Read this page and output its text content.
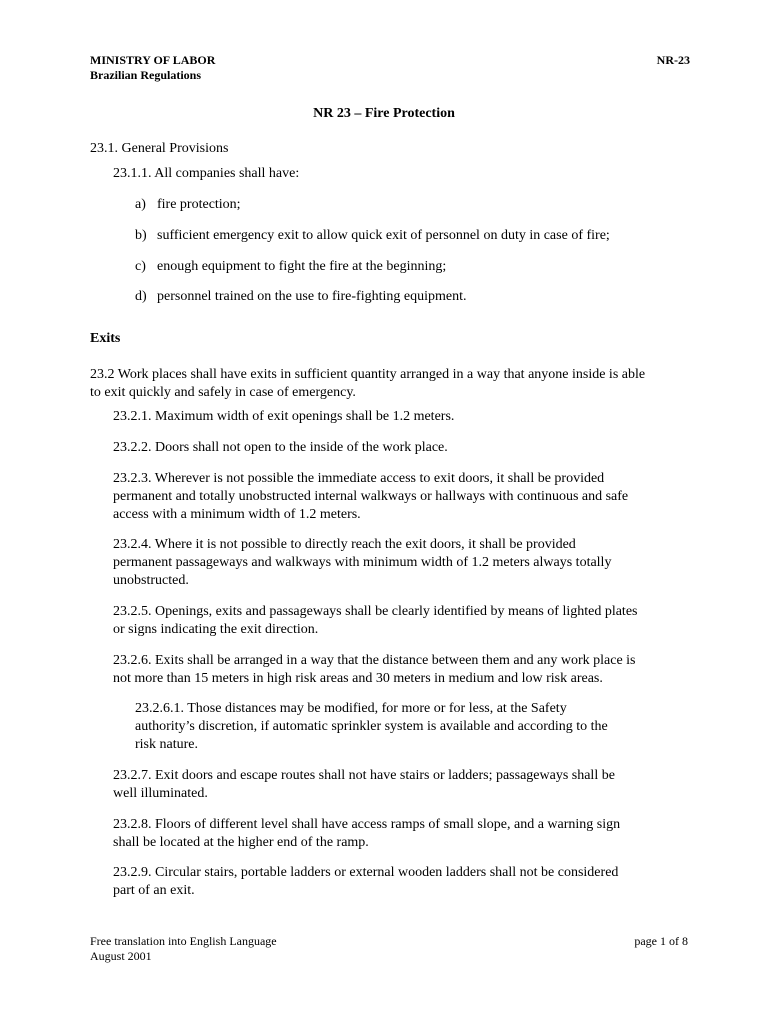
MINISTRY OF LABOR

Brazilian Regulations

NR-23

NR 23 – Fire Protection

23.1. General Provisions

23.1.1. All companies shall have:

a) fire protection;

b) sufficient emergency exit to allow quick exit of personnel on duty in case of fire;

c) enough equipment to fight the fire at the beginning;

d) personnel trained on the use to fire-fighting equipment.

Exits

23.2 Work places shall have exits in sufficient quantity arranged in a way that anyone inside is able

to exit quickly and safely in case of emergency.

23.2.1. Maximum width of exit openings shall be 1.2 meters.

23.2.2. Doors shall not open to the inside of the work place.

23.2.3. Wherever is not possible the immediate access to exit doors, it shall be provided

permanent and totally unobstructed internal walkways or hallways with continuous and safe

access with a minimum width of 1.2 meters.

23.2.4. Where it is not possible to directly reach the exit doors, it shall be provided

permanent passageways and walkways with minimum width of 1.2 meters always totally

unobstructed.

23.2.5. Openings, exits and passageways shall be clearly identified by means of lighted plates

or signs indicating the exit direction.

23.2.6. Exits shall be arranged in a way that the distance between them and any work place is

not more than 15 meters in high risk areas and 30 meters in medium and low risk areas.

23.2.6.1. Those distances may be modified, for more or for less, at the Safety

authority’s discretion, if automatic sprinkler system is available and according to the

risk nature.

23.2.7. Exit doors and escape routes shall not have stairs or ladders; passageways shall be

well illuminated.

23.2.8. Floors of different level shall have access ramps of small slope, and a warning sign

shall be located at the higher end of the ramp.

23.2.9. Circular stairs, portable ladders or external wooden ladders shall not be considered

part of an exit.

Free translation into English Language

August 2001

page 1 of 8
